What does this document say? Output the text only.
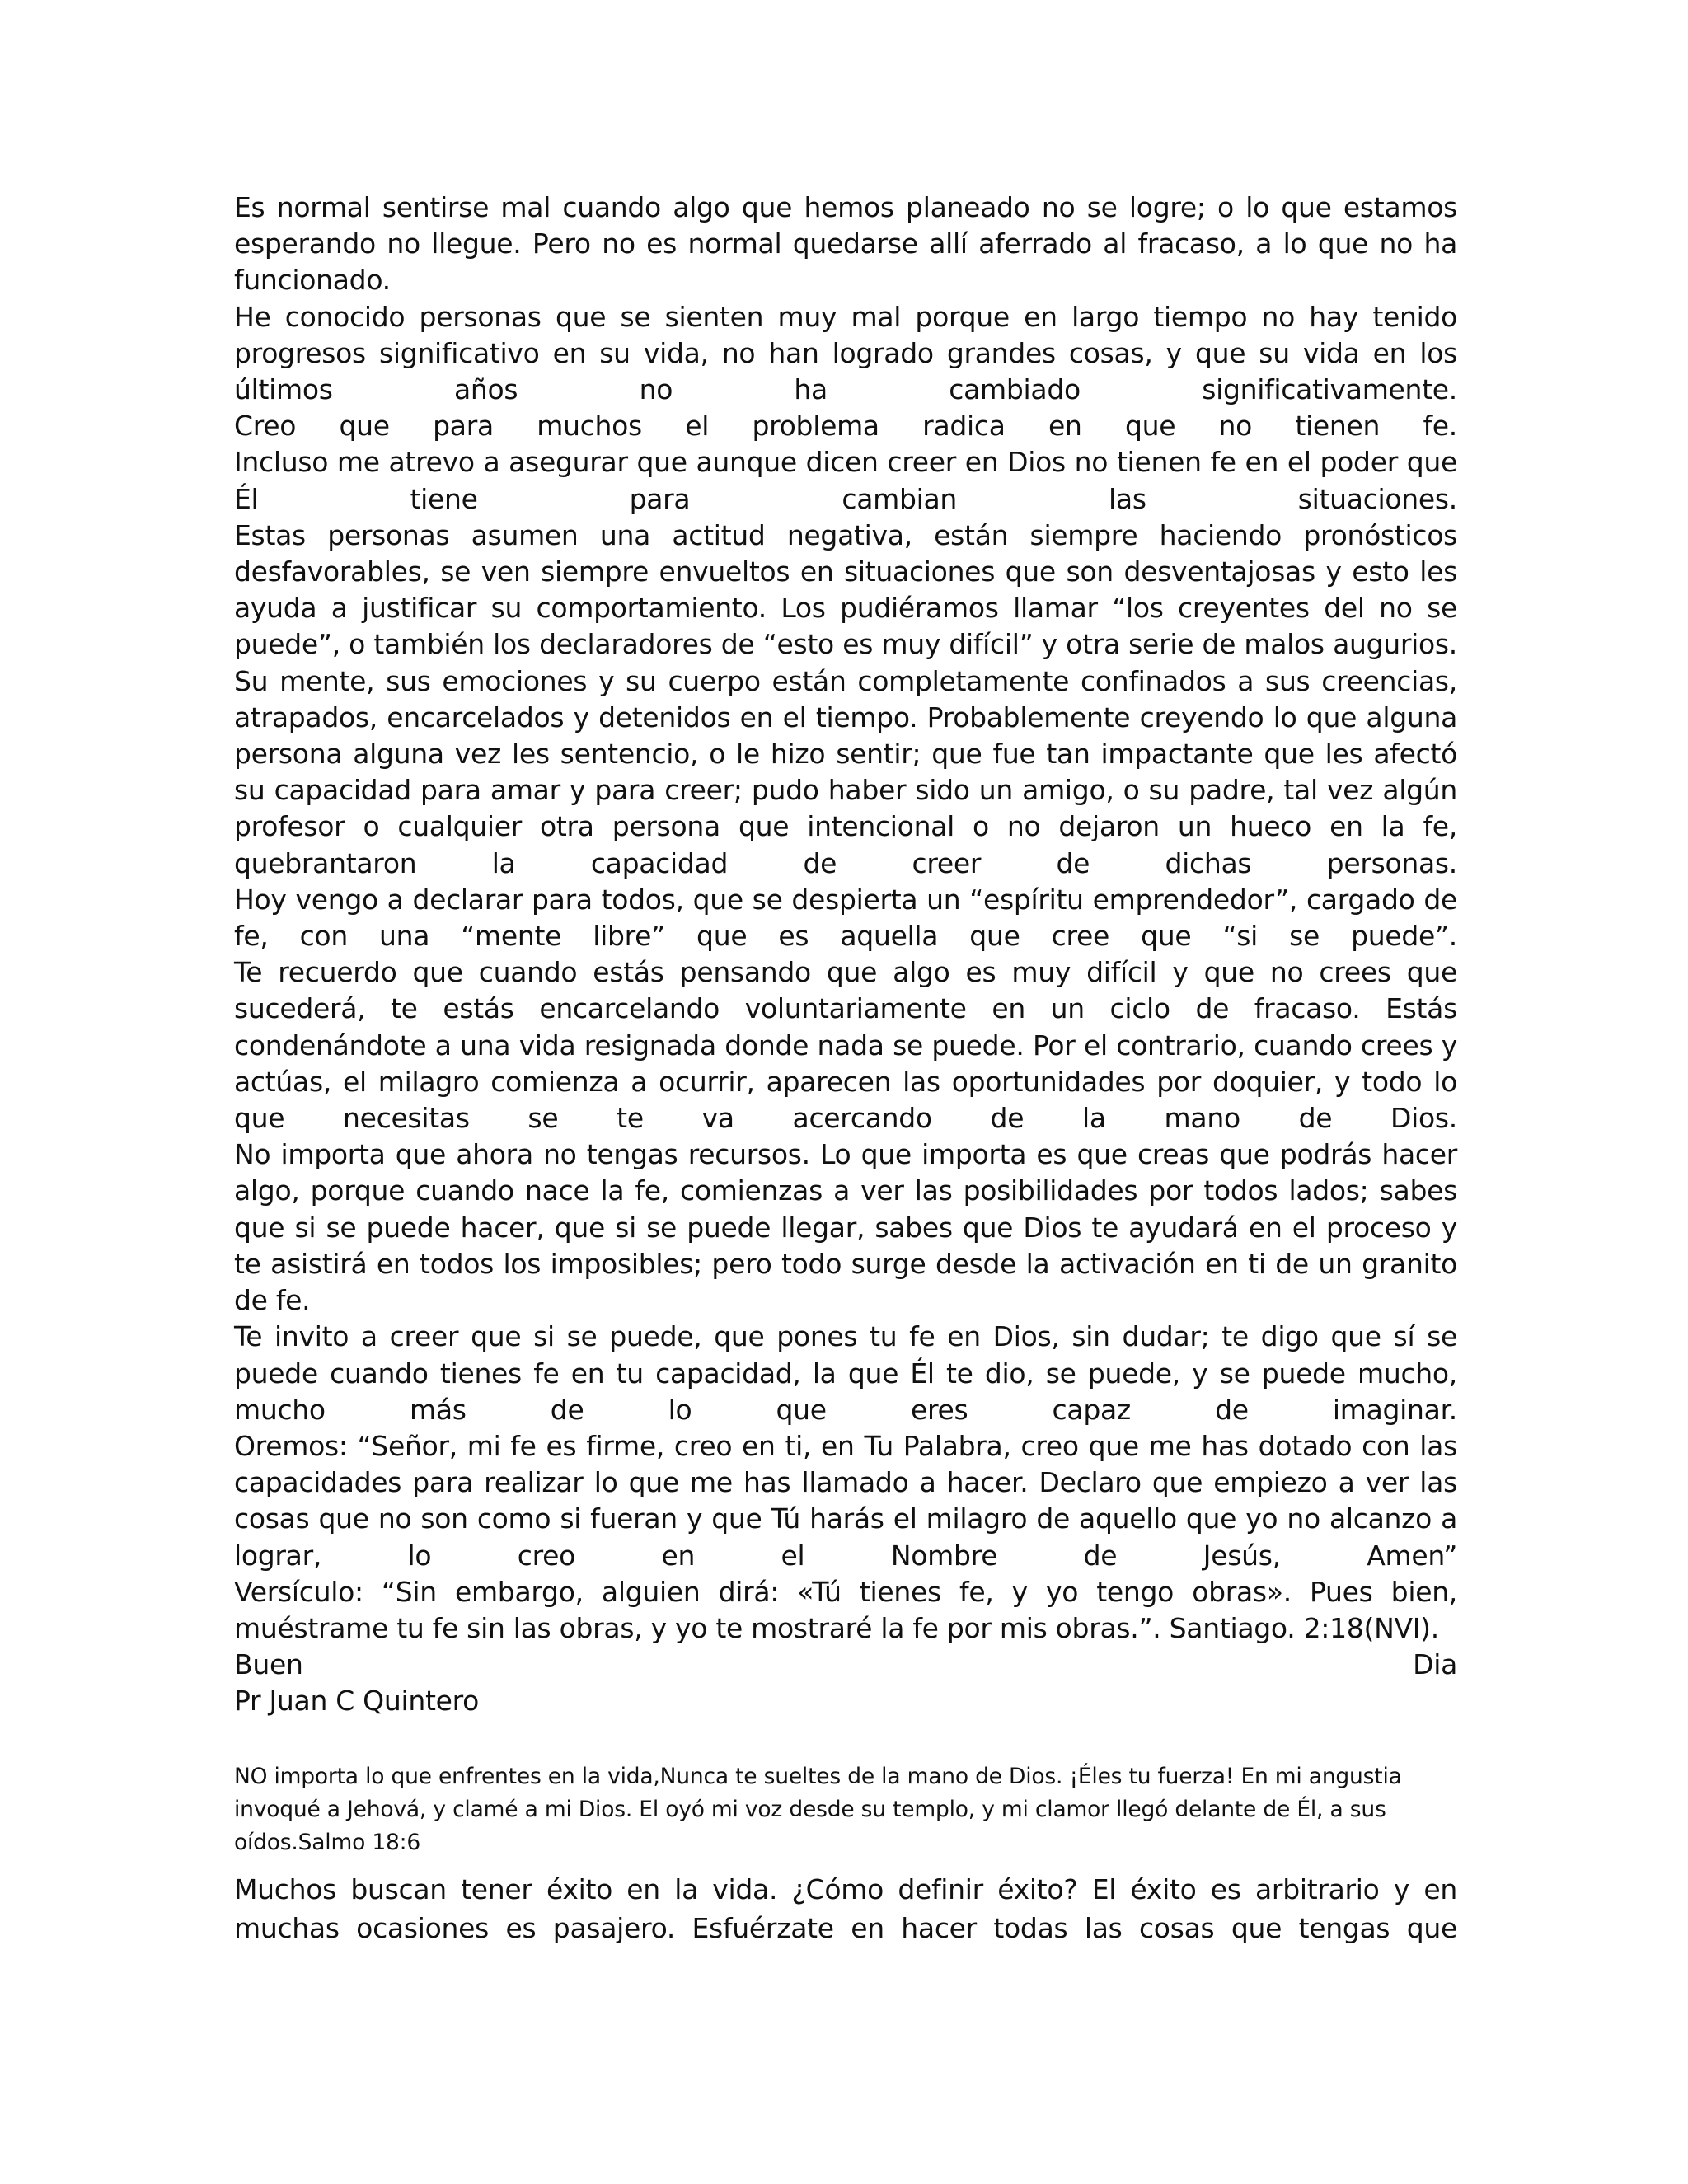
Es normal sentirse mal cuando algo que hemos planeado no se logre; o lo que estamos esperando no llegue. Pero no es normal quedarse allí aferrado al fracaso, a lo que no ha funcionado.

He conocido personas que se sienten muy mal porque en largo tiempo no hay tenido progresos significativo en su vida, no han logrado grandes cosas, y que su vida en los últimos años no ha cambiado significativamente.

Creo que para muchos el problema radica en que no tienen fe.

Incluso me atrevo a asegurar que aunque dicen creer en Dios no tienen fe en el poder que Él tiene para cambian las situaciones.

Estas personas asumen una actitud negativa, están siempre haciendo pronósticos desfavorables, se ven siempre envueltos en situaciones que son desventajosas y esto les ayuda a justificar su comportamiento. Los pudiéramos llamar “los creyentes del no se puede”, o también los declaradores de “esto es muy difícil” y otra serie de malos augurios. Su mente, sus emociones y su cuerpo están completamente confinados a sus creencias, atrapados, encarcelados y detenidos en el tiempo. Probablemente creyendo lo que alguna persona alguna vez les sentencio, o le hizo sentir; que fue tan impactante que les afectó su capacidad para amar y para creer; pudo haber sido un amigo, o su padre, tal vez algún profesor o cualquier otra persona que intencional o no dejaron un hueco en la fe, quebrantaron la capacidad de creer de dichas personas.

Hoy vengo a declarar para todos, que se despierta un “espíritu emprendedor”, cargado de fe, con una “mente libre” que es aquella que cree que “si se puede”.

Te recuerdo que cuando estás pensando que algo es muy difícil y que no crees que sucederá, te estás encarcelando voluntariamente en un ciclo de fracaso. Estás condenándote a una vida resignada donde nada se puede. Por el contrario, cuando crees y actúas, el milagro comienza a ocurrir, aparecen las oportunidades por doquier, y todo lo que necesitas se te va acercando de la mano de Dios.

No importa que ahora no tengas recursos. Lo que importa es que creas que podrás hacer algo, porque cuando nace la fe, comienzas a ver las posibilidades por todos lados; sabes que si se puede hacer, que si se puede llegar, sabes que Dios te ayudará en el proceso y te asistirá en todos los imposibles; pero todo surge desde la activación en ti de un granito de fe.

Te invito a creer que si se puede, que pones tu fe en Dios, sin dudar; te digo que sí se puede cuando tienes fe en tu capacidad, la que Él te dio, se puede, y se puede mucho, mucho más de lo que eres capaz de imaginar.

Oremos: “Señor, mi fe es firme, creo en ti, en Tu Palabra, creo que me has dotado con las capacidades para realizar lo que me has llamado a hacer. Declaro que empiezo a ver las cosas que no son como si fueran y que Tú harás el milagro de aquello que yo no alcanzo a lograr, lo creo en el Nombre de Jesús, Amen”

Versículo: “Sin embargo, alguien dirá: «Tú tienes fe, y yo tengo obras». Pues bien, muéstrame tu fe sin las obras, y yo te mostraré la fe por mis obras.”. Santiago. 2:18(NVI).

Buen Dia

Pr Juan C Quintero

NO importa lo que enfrentes en la vida,Nunca te sueltes de la mano de Dios. ¡Éles tu fuerza! En mi angustia invoqué a Jehová, y clamé a mi Dios. El oyó mi voz desde su templo, y mi clamor llegó delante de Él, a sus oídos.Salmo 18:6

Muchos buscan tener éxito en la vida. ¿Cómo definir éxito? El éxito es arbitrario y en muchas ocasiones es pasajero. Esfuérzate en hacer todas las cosas que tengas que
